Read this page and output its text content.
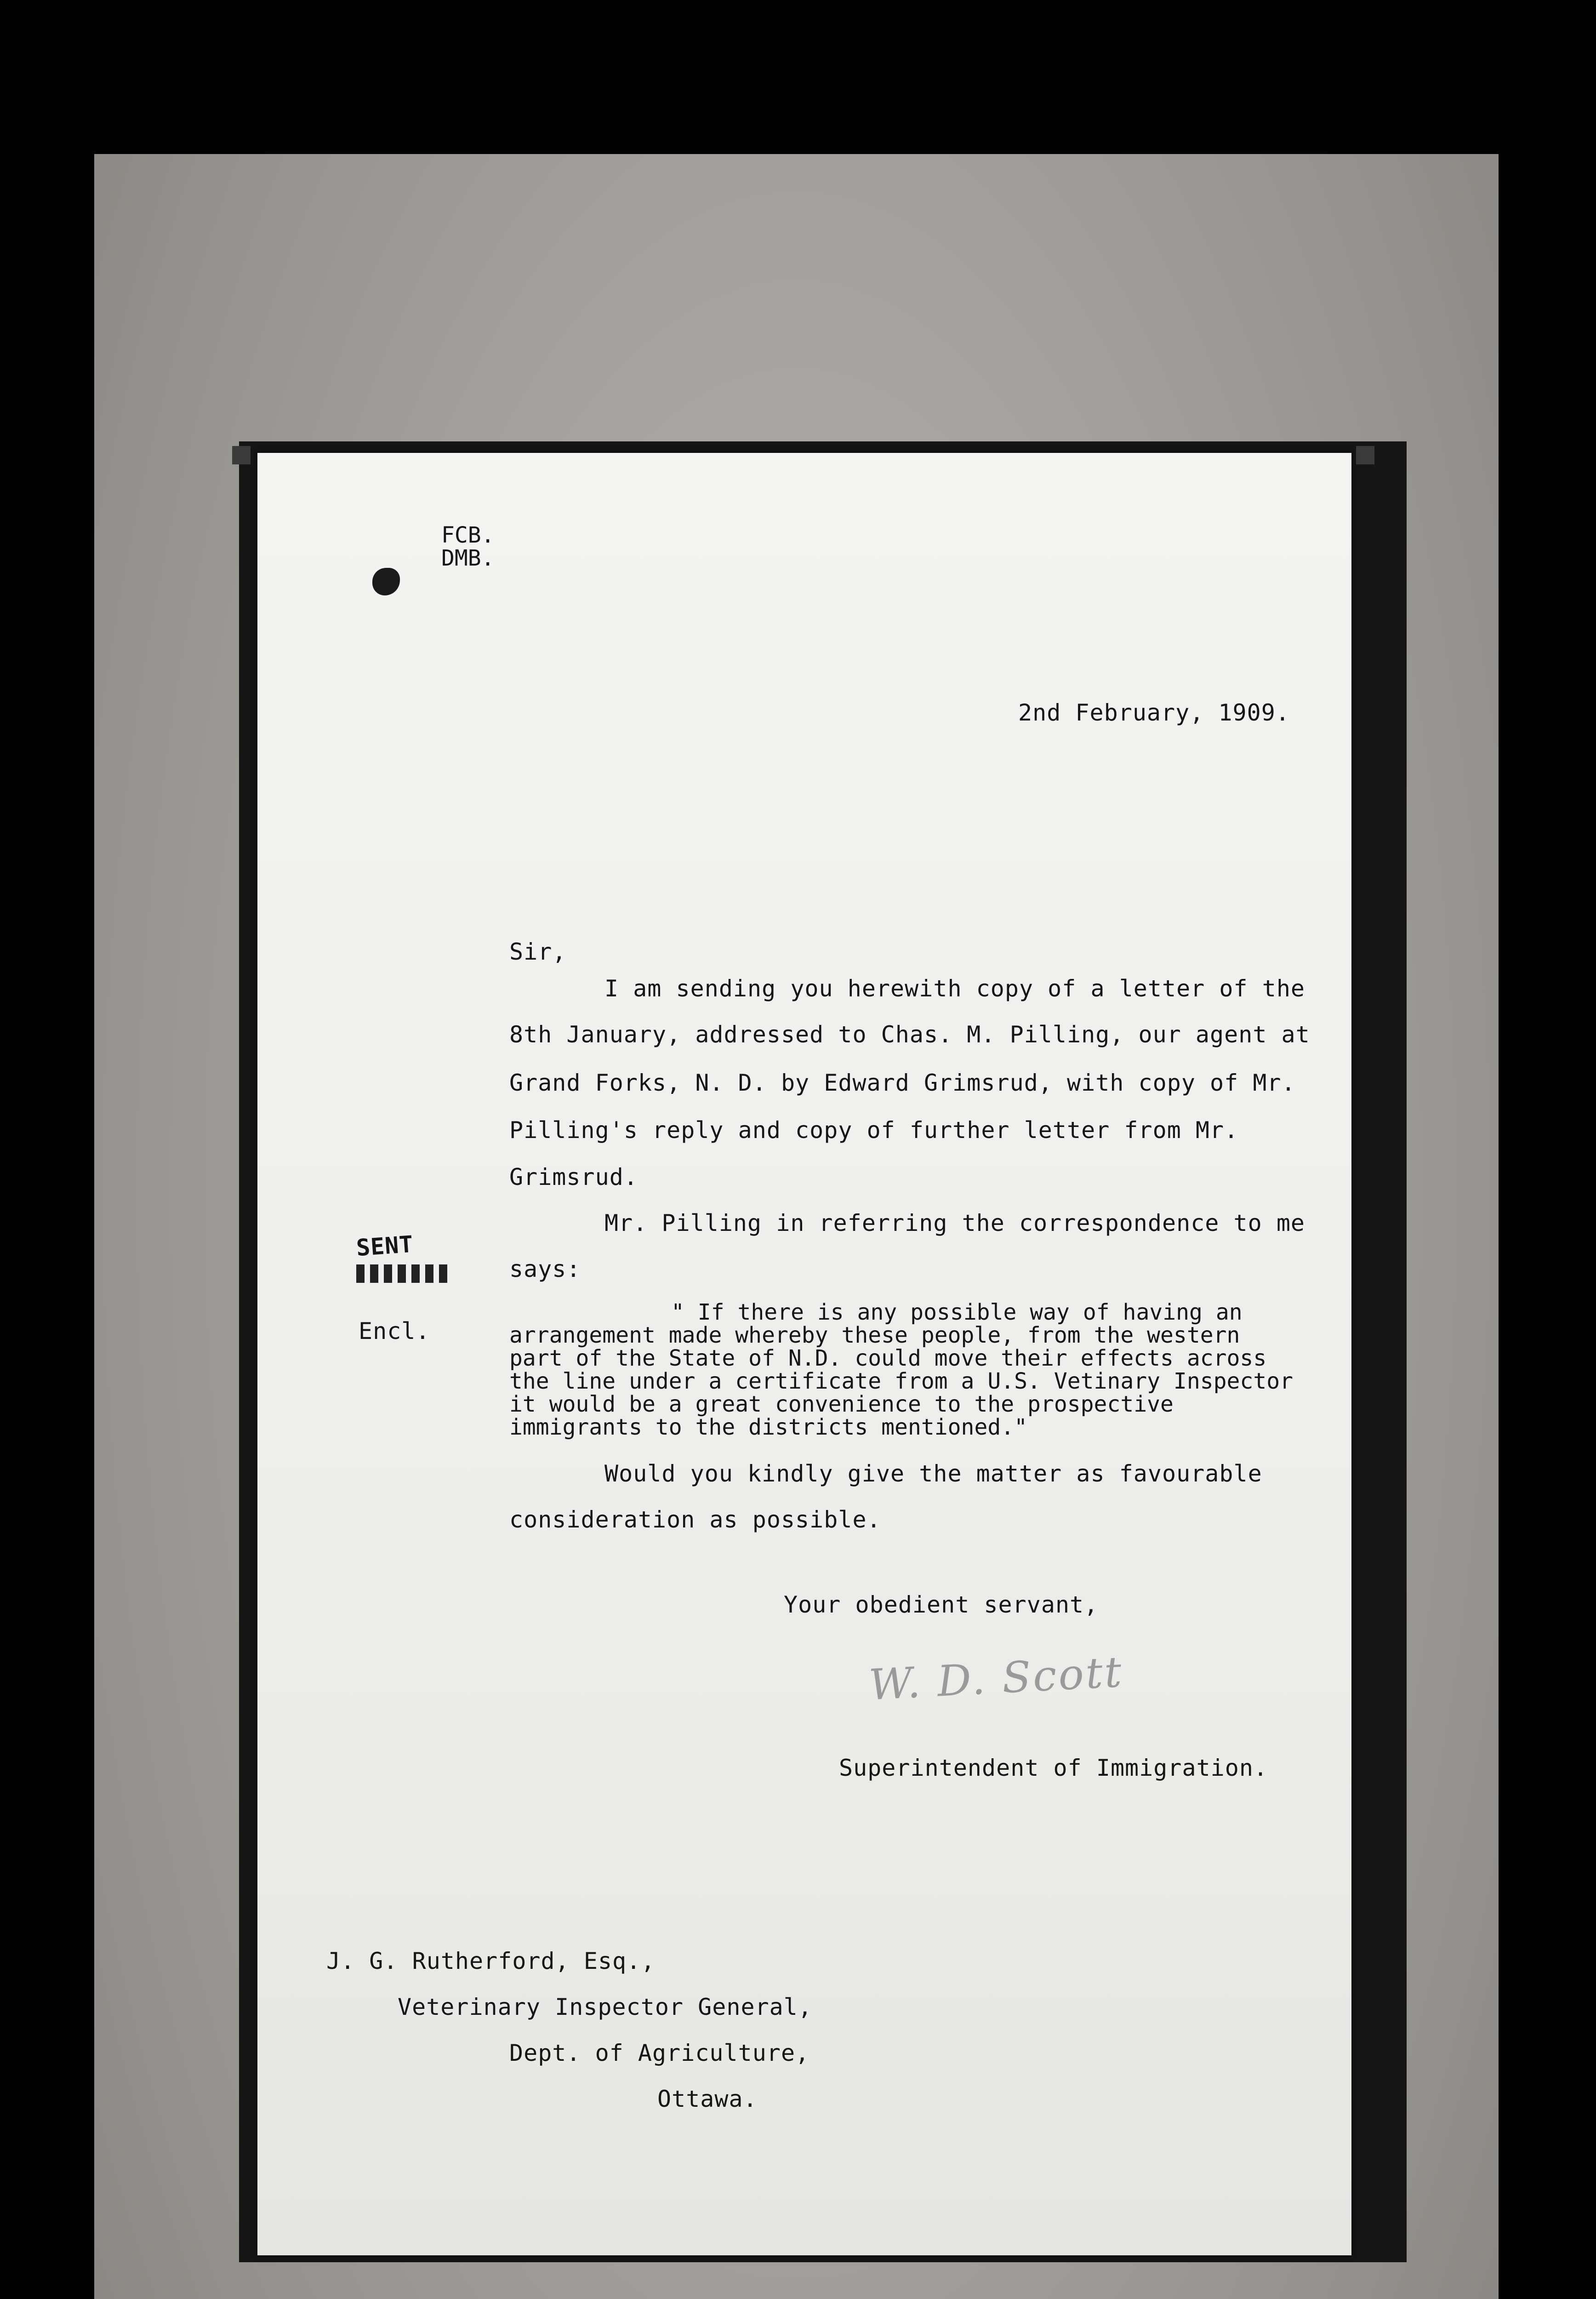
FCB.
DMB.
2nd February, 1909.
Sir,
I am sending you herewith copy of a letter of the
8th January, addressed to Chas. M. Pilling, our agent at
Grand Forks, N. D. by Edward Grimsrud, with copy of Mr.
Pilling's reply and copy of further letter from Mr.
Grimsrud.
Mr. Pilling in referring the correspondence to me
says:
SENT
Encl.
" If there is any possible way of having an
arrangement made whereby these people, from the western
part of the State of N.D. could move their effects across
the line under a certificate from a U.S. Vetinary Inspector
it would be a great convenience to the prospective
immigrants to the districts mentioned."
Would you kindly give the matter as favourable
consideration as possible.
Your obedient servant,
W. D. Scott
Superintendent of Immigration.
J. G. Rutherford, Esq.,
Veterinary Inspector General,
Dept. of Agriculture,
Ottawa.
